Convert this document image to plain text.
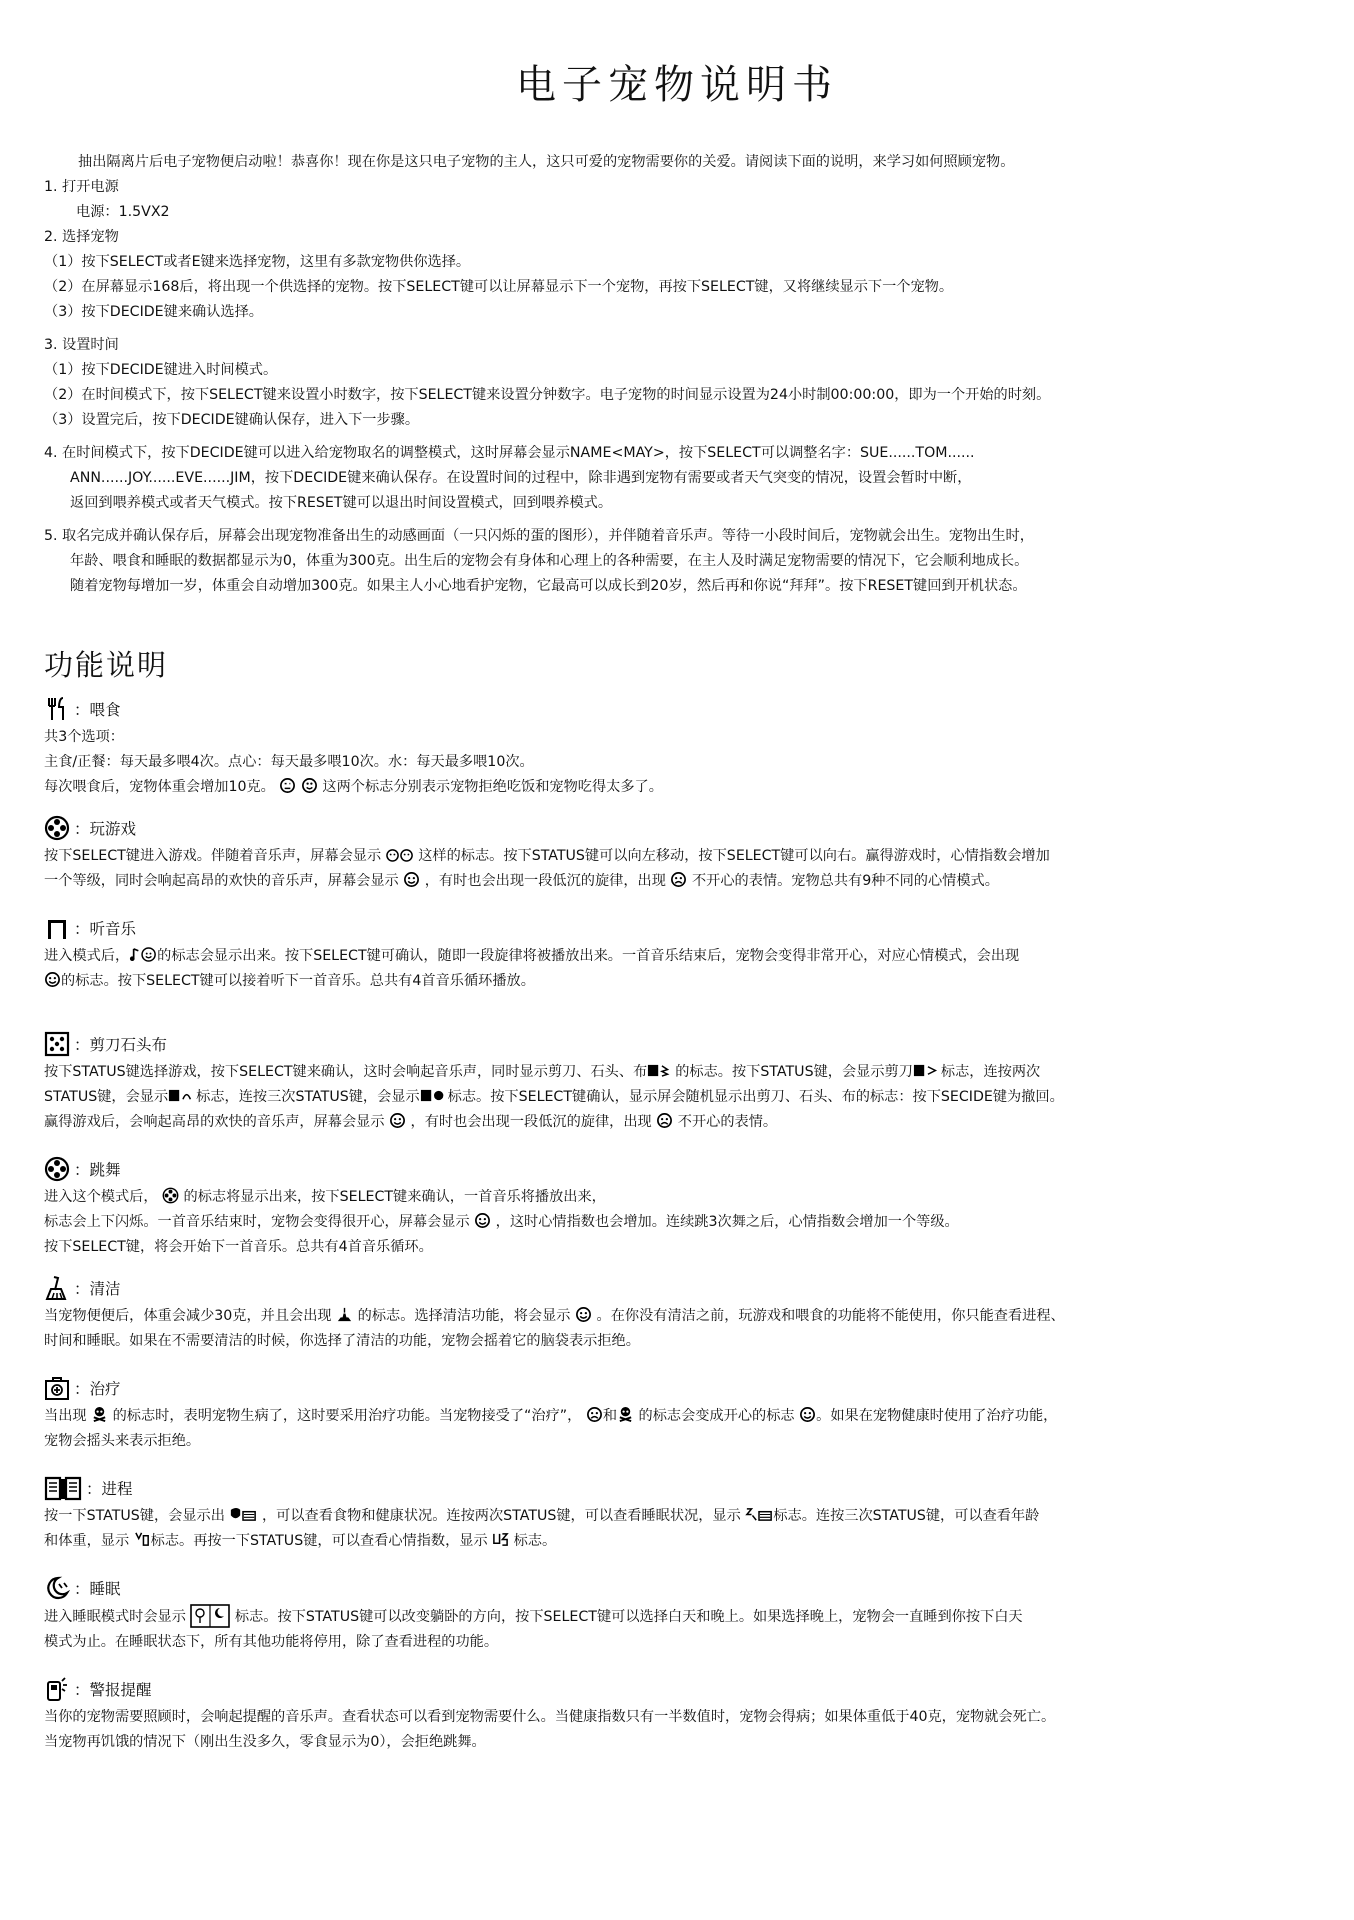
电子宠物说明书

抽出隔离片后电子宠物便启动啦！恭喜你！现在你是这只电子宠物的主人，这只可爱的宠物需要你的关爱。请阅读下面的说明，来学习如何照顾宠物。

1. 打开电源

电源：1.5VX2

2. 选择宠物

（1）按下SELECT或者E键来选择宠物，这里有多款宠物供你选择。

（2）在屏幕显示168后，将出现一个供选择的宠物。按下SELECT键可以让屏幕显示下一个宠物，再按下SELECT键，又将继续显示下一个宠物。

（3）按下DECIDE键来确认选择。

3. 设置时间

（1）按下DECIDE键进入时间模式。

（2）在时间模式下，按下SELECT键来设置小时数字，按下SELECT键来设置分钟数字。电子宠物的时间显示设置为24小时制00:00:00，即为一个开始的时刻。

（3）设置完后，按下DECIDE键确认保存，进入下一步骤。

4. 在时间模式下，按下DECIDE键可以进入给宠物取名的调整模式，这时屏幕会显示NAME<MAY>，按下SELECT可以调整名字：SUE......TOM......

ANN......JOY......EVE......JIM，按下DECIDE键来确认保存。在设置时间的过程中，除非遇到宠物有需要或者天气突变的情况，设置会暂时中断，

返回到喂养模式或者天气模式。按下RESET键可以退出时间设置模式，回到喂养模式。

5. 取名完成并确认保存后，屏幕会出现宠物准备出生的动感画面（一只闪烁的蛋的图形），并伴随着音乐声。等待一小段时间后，宠物就会出生。宠物出生时，

年龄、喂食和睡眠的数据都显示为0，体重为300克。出生后的宠物会有身体和心理上的各种需要，在主人及时满足宠物需要的情况下，它会顺利地成长。

随着宠物每增加一岁，体重会自动增加300克。如果主人小心地看护宠物，它最高可以成长到20岁，然后再和你说“拜拜”。按下RESET键回到开机状态。

功能说明
：喂食

共3个选项：

主食/正餐：每天最多喂4次。点心：每天最多喂10次。水：每天最多喂10次。

每次喂食后，宠物体重会增加10克。	这两个标志分别表示宠物拒绝吃饭和宠物吃得太多了。

：玩游戏

按下SELECT键进入游戏。伴随着音乐声，屏幕会显示	这样的标志。按下STATUS键可以向左移动，按下SELECT键可以向右。赢得游戏时，心情指数会增加

一个等级，同时会响起高昂的欢快的音乐声，屏幕会显示 ，有时也会出现一段低沉的旋律，出现 不开心的表情。宠物总共有9种不同的心情模式。

：听音乐

进入模式后， 的标志会显示出来。按下SELECT键可确认，随即一段旋律将被播放出来。一首音乐结束后，宠物会变得非常开心，对应心情模式，会出现

的标志。按下SELECT键可以接着听下一首音乐。总共有4首音乐循环播放。

：剪刀石头布

按下STATUS键选择游戏，按下SELECT键来确认，这时会响起音乐声，同时显示剪刀、石头、布 的标志。按下STATUS键，会显示剪刀 标志，连按两次

STATUS键，会显示 标志，连按三次STATUS键，会显示 标志。按下SELECT键确认，显示屏会随机显示出剪刀、石头、布的标志：按下SECIDE键为撤回。

赢得游戏后，会响起高昂的欢快的音乐声，屏幕会显示 ，有时也会出现一段低沉的旋律，出现 不开心的表情。

：跳舞

进入这个模式后， 的标志将显示出来，按下SELECT键来确认，一首音乐将播放出来，

标志会上下闪烁。一首音乐结束时，宠物会变得很开心，屏幕会显示 ，这时心情指数也会增加。连续跳3次舞之后，心情指数会增加一个等级。

按下SELECT键，将会开始下一首音乐。总共有4首音乐循环。

：清洁

当宠物便便后，体重会减少30克，并且会出现 的标志。选择清洁功能，将会显示 。在你没有清洁之前，玩游戏和喂食的功能将不能使用，你只能查看进程、

时间和睡眠。如果在不需要清洁的时候，你选择了清洁的功能，宠物会摇着它的脑袋表示拒绝。

：治疗

当出现 的标志时，表明宠物生病了，这时要采用治疗功能。当宠物接受了“治疗”， 和 的标志会变成开心的标志 。如果在宠物健康时使用了治疗功能，

宠物会摇头来表示拒绝。

：进程

按一下STATUS键，会显示出	，可以查看食物和健康状况。连按两次STATUS键，可以查看睡眠状况，显示 标志。连按三次STATUS键，可以查看年龄

和体重，显示 标志。再按一下STATUS键，可以查看心情指数，显示 标志。

：睡眠

进入睡眠模式时会显示	标志。按下STATUS键可以改变躺卧的方向，按下SELECT键可以选择白天和晚上。如果选择晚上，宠物会一直睡到你按下白天

模式为止。在睡眠状态下，所有其他功能将停用，除了查看进程的功能。

：警报提醒

当你的宠物需要照顾时，会响起提醒的音乐声。查看状态可以看到宠物需要什么。当健康指数只有一半数值时，宠物会得病；如果体重低于40克，宠物就会死亡。

当宠物再饥饿的情况下（刚出生没多久，零食显示为0），会拒绝跳舞。
